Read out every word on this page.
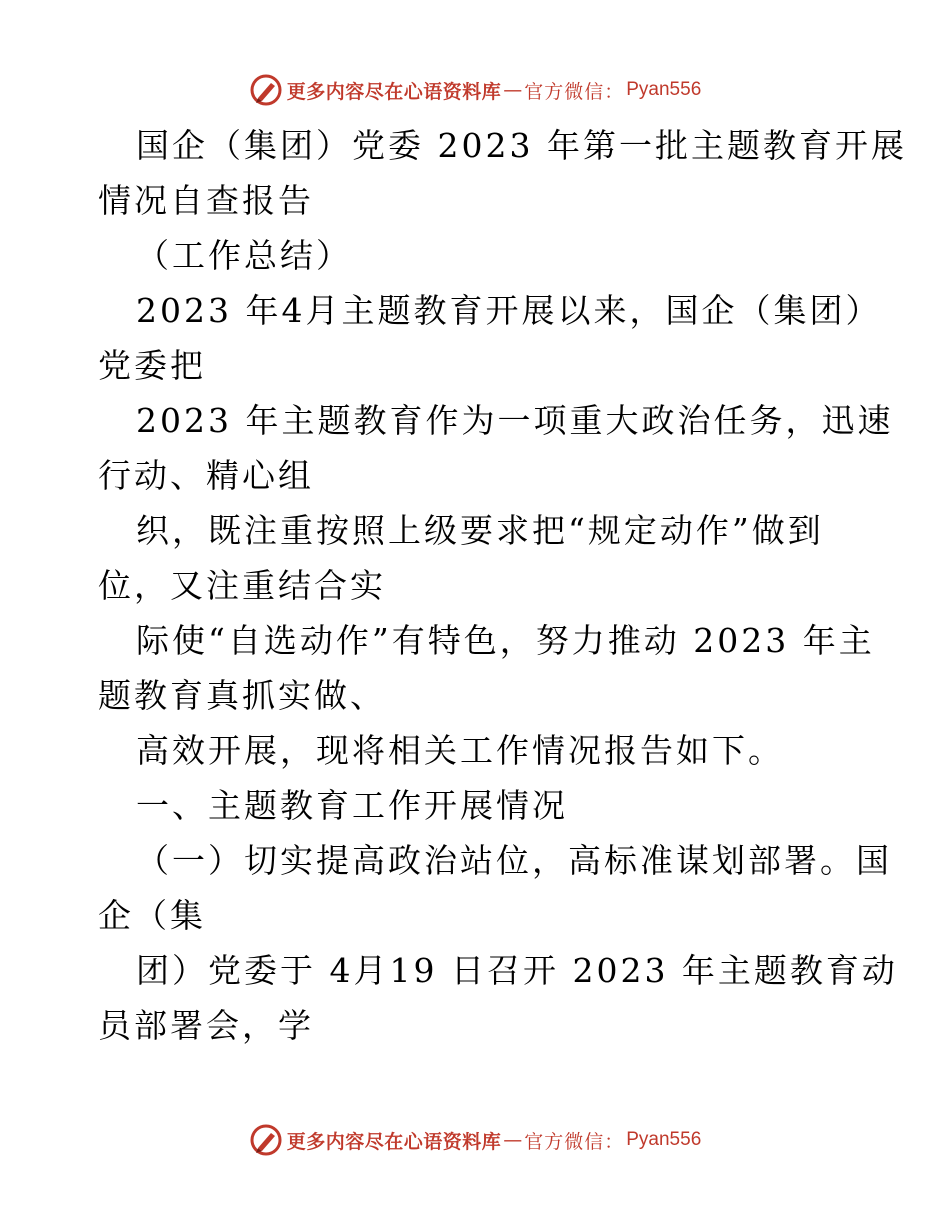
更多内容尽在心语资料库 — 官方微信： Pyan556
国企（集团）党委 2023 年第一批主题教育开展
情况自查报告
（工作总结）
2023 年4月主题教育开展以来，国企（集团）
党委把
2023 年主题教育作为一项重大政治任务，迅速
行动、精心组
织，既注重按照上级要求把“规定动作”做到
位，又注重结合实
际使“自选动作”有特色，努力推动 2023 年主
题教育真抓实做、
高效开展，现将相关工作情况报告如下。
一、主题教育工作开展情况
（一）切实提高政治站位，高标准谋划部署。国
企（集
团）党委于 4月19 日召开 2023 年主题教育动
员部署会，学
更多内容尽在心语资料库 — 官方微信： Pyan556
